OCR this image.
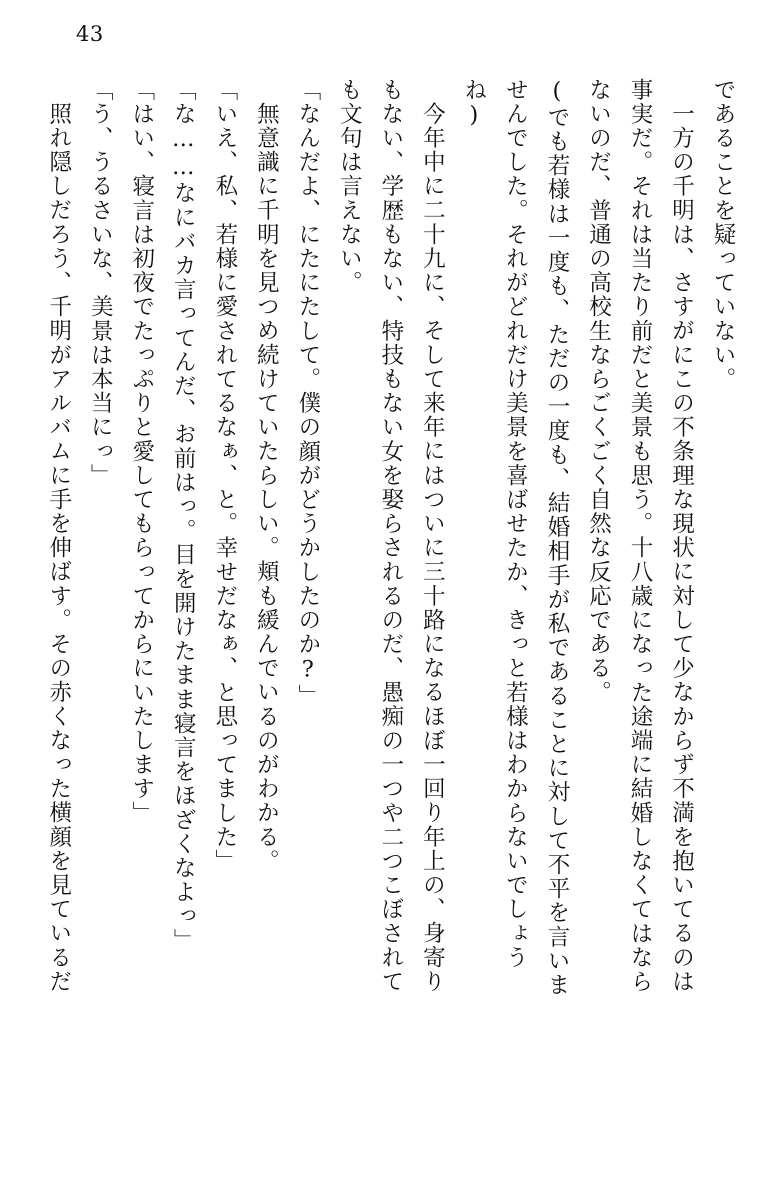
43
であることを疑っていない。
一方の千明は、さすがにこの不条理な現状に対して少なからず不満を抱いてるのは
事実だ。それは当たり前だと美景も思う。十八歳になった途端に結婚しなくてはなら
ないのだ、普通の高校生ならごくごく自然な反応である。
(でも若様は一度も、ただの一度も、結婚相手が私であることに対して不平を言いま
せんでした。それがどれだけ美景を喜ばせたか、きっと若様はわからないでしょう
ね)
今年中に二十九に、そして来年にはついに三十路になるほぼ一回り年上の、身寄り
もない、学歴もない、特技もない女を娶らされるのだ、愚痴の一つや二つこぼされて
も文句は言えない。
「なんだよ、にたにたして。僕の顔がどうかしたのか?」
無意識に千明を見つめ続けていたらしい。頬も緩んでいるのがわかる。
「いえ、私、若様に愛されてるなぁ、と。幸せだなぁ、と思ってました」
「な……なにバカ言ってんだ、お前はっ。目を開けたまま寝言をほざくなよっ」
「はい、寝言は初夜でたっぷりと愛してもらってからにいたします」
「う、うるさいな、美景は本当にっ」
照れ隠しだろう、千明がアルバムに手を伸ばす。その赤くなった横顔を見ているだ
